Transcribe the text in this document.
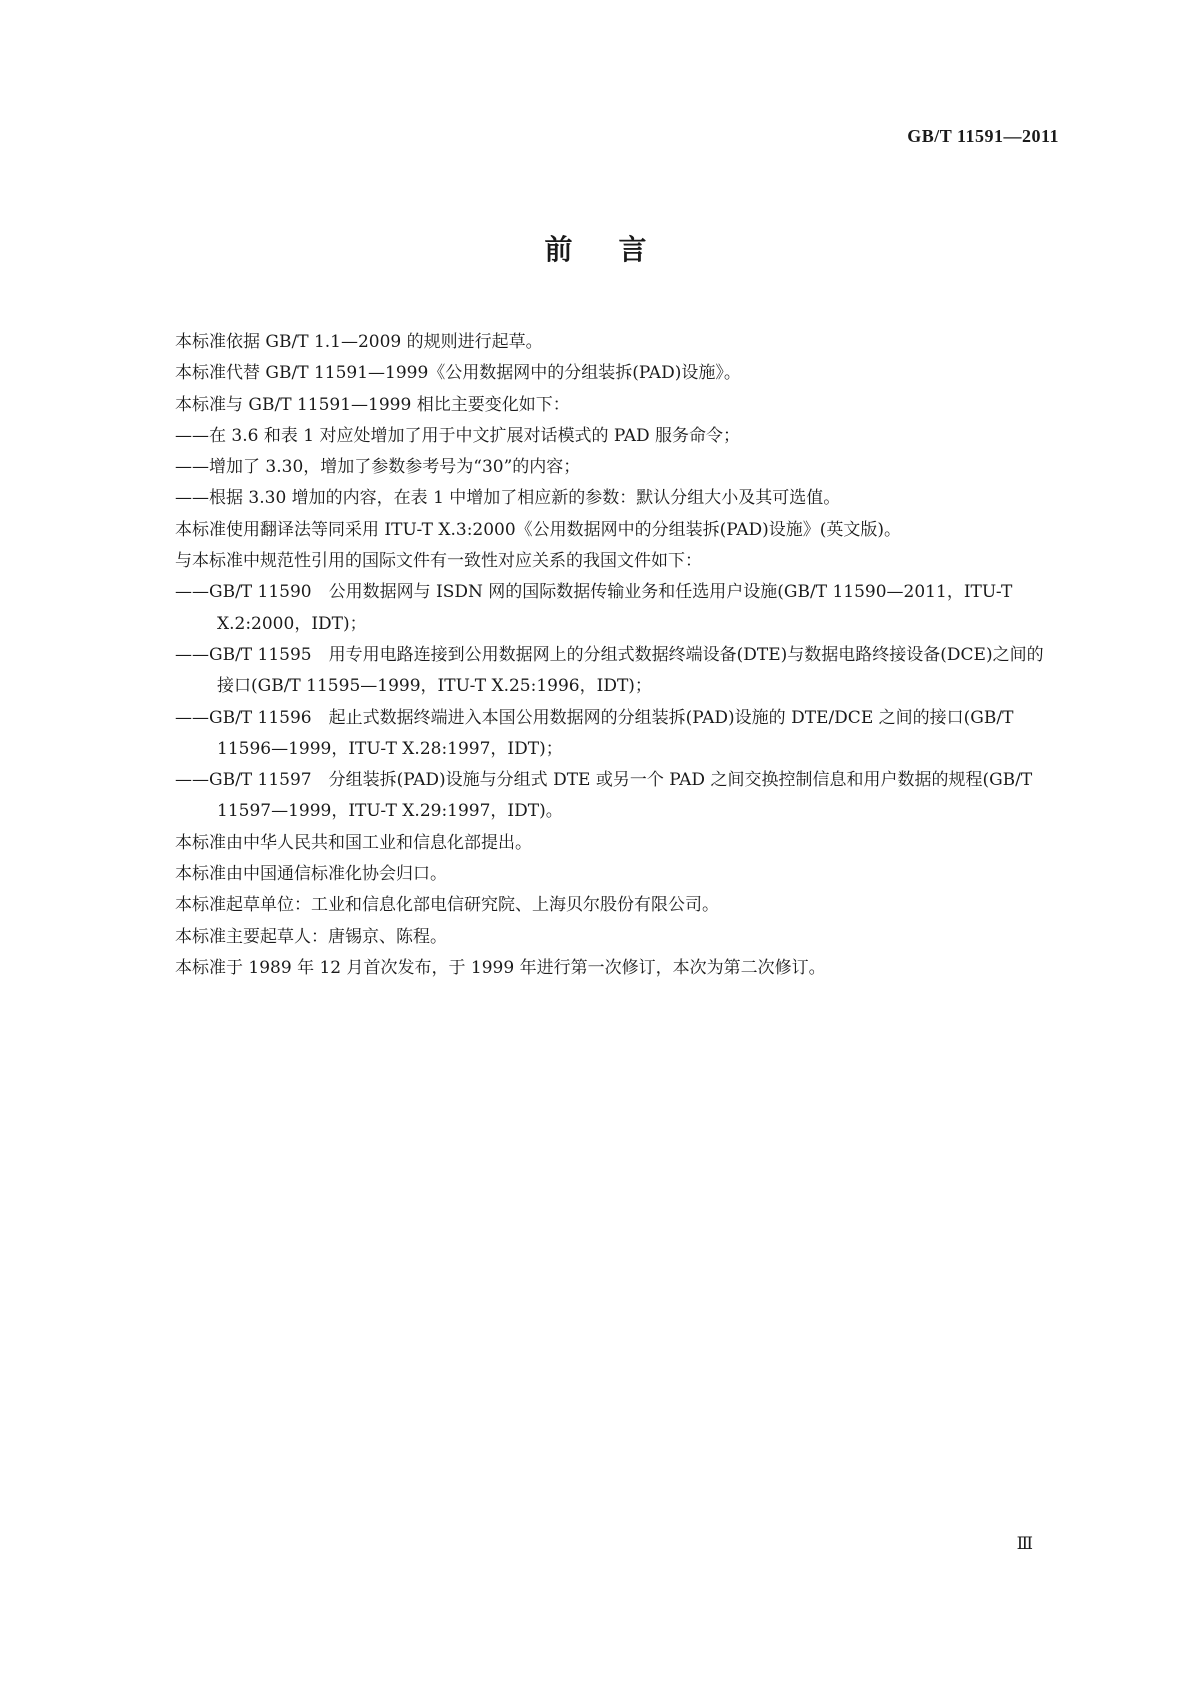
GB/T 11591—2011
前言

本标准依据 GB/T 1.1—2009 的规则进行起草。

本标准代替 GB/T 11591—1999《公用数据网中的分组装拆(PAD)设施》。

本标准与 GB/T 11591—1999 相比主要变化如下：

——在 3.6 和表 1 对应处增加了用于中文扩展对话模式的 PAD 服务命令；

——增加了 3.30，增加了参数参考号为“30”的内容；

——根据 3.30 增加的内容，在表 1 中增加了相应新的参数：默认分组大小及其可选值。

本标准使用翻译法等同采用 ITU-T X.3:2000《公用数据网中的分组装拆(PAD)设施》(英文版)。

与本标准中规范性引用的国际文件有一致性对应关系的我国文件如下：

——GB/T 11590　公用数据网与 ISDN 网的国际数据传输业务和任选用户设施(GB/T 11590—2011，ITU-T X.2:2000，IDT)；

——GB/T 11595　用专用电路连接到公用数据网上的分组式数据终端设备(DTE)与数据电路终接设备(DCE)之间的接口(GB/T 11595—1999，ITU-T X.25:1996，IDT)；

——GB/T 11596　起止式数据终端进入本国公用数据网的分组装拆(PAD)设施的 DTE/DCE 之间的接口(GB/T 11596—1999，ITU-T X.28:1997，IDT)；

——GB/T 11597　分组装拆(PAD)设施与分组式 DTE 或另一个 PAD 之间交换控制信息和用户数据的规程(GB/T 11597—1999，ITU-T X.29:1997，IDT)。

本标准由中华人民共和国工业和信息化部提出。

本标准由中国通信标准化协会归口。

本标准起草单位：工业和信息化部电信研究院、上海贝尔股份有限公司。

本标准主要起草人：唐锡京、陈程。

本标准于 1989 年 12 月首次发布，于 1999 年进行第一次修订，本次为第二次修订。

Ⅲ
